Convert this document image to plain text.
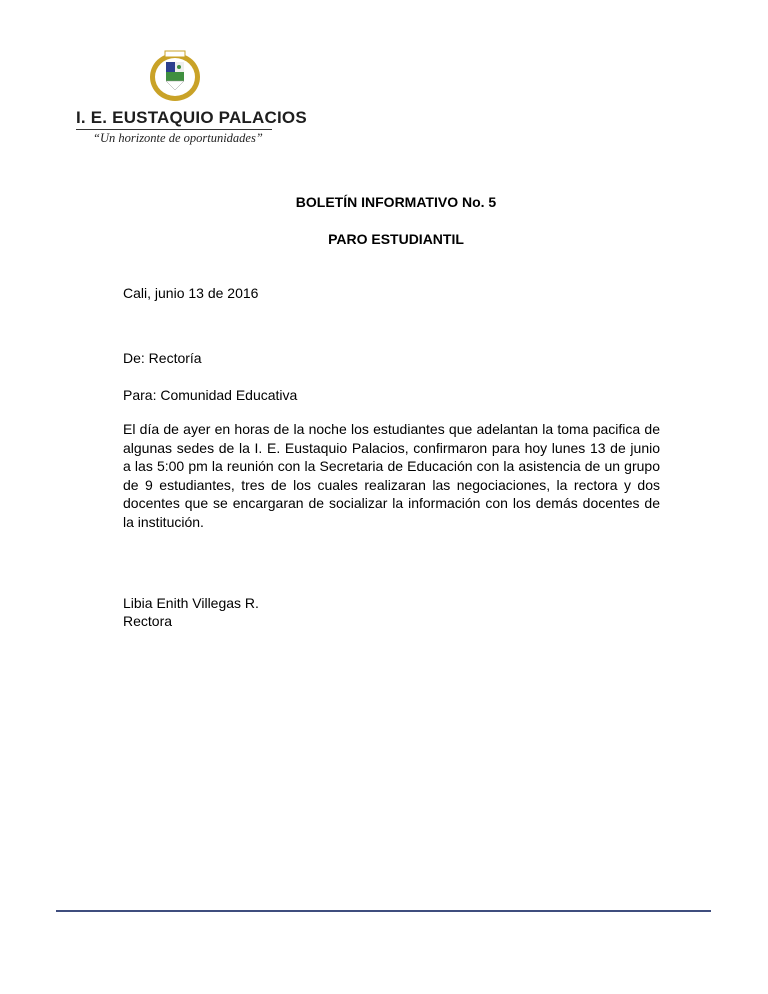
I. E. EUSTAQUIO PALACIOS
“Un horizonte de oportunidades”
BOLETÍN INFORMATIVO No. 5
PARO ESTUDIANTIL
Cali, junio 13 de 2016
De: Rectoría
Para: Comunidad Educativa
El día de ayer en horas de la noche los estudiantes que adelantan la toma pacifica de algunas sedes de la I. E. Eustaquio Palacios, confirmaron para hoy lunes 13 de junio a las 5:00 pm la reunión con la Secretaria de Educación con la asistencia de un grupo de 9 estudiantes, tres de los cuales realizaran las negociaciones, la rectora y dos docentes que se encargaran de socializar la información con los demás docentes de la institución.
Libia Enith Villegas R.
Rectora
